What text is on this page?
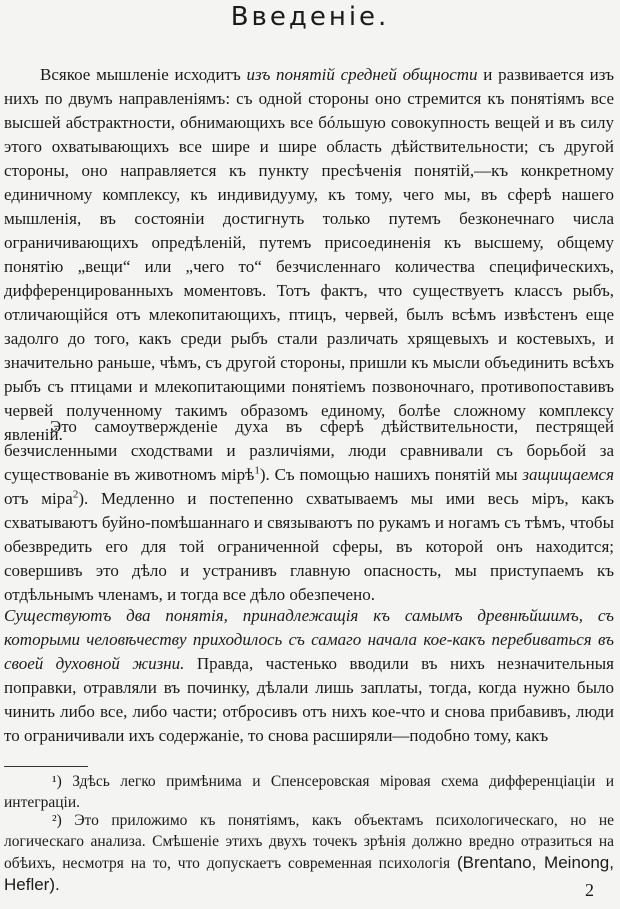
Введеніе.

Всякое мышленіе исходитъ изъ понятій средней общности и развивается изъ нихъ по двумъ направленіямъ: съ одной стороны оно стремится къ понятіямъ все высшей абстрактности, обнимающихъ все бóльшую совокупность вещей и въ силу этого охватывающихъ все шире и шире область дѣйствительности; съ другой стороны, оно направляется къ пункту пресѣченія понятій,—къ конкретному единичному комплексу, къ индивидууму, къ тому, чего мы, въ сферѣ нашего мышленія, въ состояніи достигнуть только путемъ безконечнаго числа ограничивающихъ опредѣленій, путемъ присоединенія къ высшему, общему понятію „вещи“ или „чего то“ безчисленнаго количества специфическихъ, дифференцированныхъ моментовъ. Тотъ фактъ, что существуетъ классъ рыбъ, отличающійся отъ млекопитающихъ, птицъ, червей, былъ всѣмъ извѣстенъ еще задолго до того, какъ среди рыбъ стали различать хрящевыхъ и костевыхъ, и значительно раньше, чѣмъ, съ другой стороны, пришли къ мысли объединить всѣхъ рыбъ съ птицами и млекопитающими понятіемъ позвоночнаго, противопоставивъ червей полученному такимъ образомъ единому, болѣе сложному комплексу явленій.

Это самоутвержденіе духа въ сферѣ дѣйствительности, пестрящей безчисленными сходствами и различіями, люди сравнивали съ борьбой за существованіе въ животномъ мірѣ$^1$). Съ помощью нашихъ понятій мы защищаемся отъ міра$^2$). Медленно и постепенно схватываемъ мы ими весь міръ, какъ схватываютъ буйно-помѣшаннаго и связываютъ по рукамъ и ногамъ съ тѣмъ, чтобы обезвредить его для той ограниченной сферы, въ которой онъ находится; совершивъ это дѣло и устранивъ главную опасность, мы приступаемъ къ отдѣльнымъ членамъ, и тогда все дѣло обезпечено.

Существуютъ два понятія, принадлежащія къ самымъ древнѣйшимъ, съ которыми человѣчеству приходилось съ самаго начала кое-какъ перебиваться въ своей духовной жизни. Правда, частенько вводили въ нихъ незначительныя поправки, отравляли въ починку, дѣлали лишь заплаты, тогда, когда нужно было чинить либо все, либо части; отбросивъ отъ нихъ кое-что и снова прибавивъ, люди то ограничивали ихъ содержаніе, то снова расширяли—подобно тому, какъ

¹) Здѣсь легко примѣнима и Спенсеровская міровая схема дифференціаціи и интеграціи.

²) Это приложимо къ понятіямъ, какъ объектамъ психологическаго, но не логическаго анализа. Смѣшеніе этихъ двухъ точекъ зрѣнія должно вредно отразиться на обѣихъ, несмотря на то, что допускаетъ современная психологія (Brentano, Meinong, Hefler).	2
